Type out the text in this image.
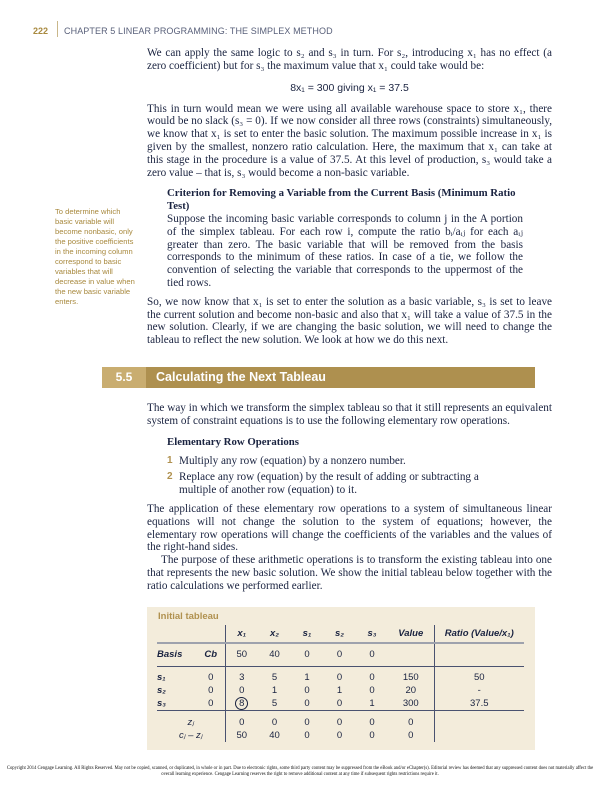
222 CHAPTER 5 LINEAR PROGRAMMING: THE SIMPLEX METHOD
To determine which basic variable will become nonbasic, only the positive coefficients in the incoming column correspond to basic variables that will decrease in value when the new basic variable enters.
We can apply the same logic to s₂ and s₃ in turn. For s₂, introducing x₁ has no effect (a zero coefficient) but for s₃ the maximum value that x₁ could take would be:
8x₁ = 300 giving x₁ = 37.5
This in turn would mean we were using all available warehouse space to store x₁, there would be no slack (s₃ = 0). If we now consider all three rows (constraints) simultaneously, we know that x₁ is set to enter the basic solution. The maximum possible increase in x₁ is given by the smallest, nonzero ratio calculation. Here, the maximum that x₁ can take at this stage in the procedure is a value of 37.5. At this level of production, s₃ would take a zero value – that is, s₃ would become a non-basic variable.
Criterion for Removing a Variable from the Current Basis (Minimum Ratio Test)
Suppose the incoming basic variable corresponds to column j in the A portion of the simplex tableau. For each row i, compute the ratio bᵢ/aᵢⱼ for each aᵢⱼ greater than zero. The basic variable that will be removed from the basis corresponds to the minimum of these ratios. In case of a tie, we follow the convention of selecting the variable that corresponds to the uppermost of the tied rows.
So, we now know that x₁ is set to enter the solution as a basic variable, s₃ is set to leave the current solution and become non-basic and also that x₁ will take a value of 37.5 in the new solution. Clearly, if we are changing the basic solution, we will need to change the tableau to reflect the new solution. We look at how we do this next.
5.5	Calculating the Next Tableau
The way in which we transform the simplex tableau so that it still represents an equivalent system of constraint equations is to use the following elementary row operations.
Elementary Row Operations
1 Multiply any row (equation) by a nonzero number.
2 Replace any row (equation) by the result of adding or subtracting a multiple of another row (equation) to it.
The application of these elementary row operations to a system of simultaneous linear equations will not change the solution to the system of equations; however, the elementary row operations will change the coefficients of the variables and the values of the right-hand sides.
The purpose of these arithmetic operations is to transform the existing tableau into one that represents the new basic solution. We show the initial tableau below together with the ratio calculations we performed earlier.
Initial tableau
		x₁	x₂	s₁	s₂	s₃	Value	Ratio (Value/x₁)
Basis	Cb	50	40	0	0	0		

s₁	0	3	5	1	0	0	150	50
s₂	0	0	1	0	1	0	20	-
s₃	0	8	5	0	0	1	300	37.5

zⱼ		0	0	0	0	0	0	
cⱼ – zⱼ		50	40	0	0	0	0	
Copyright 2014 Cengage Learning. All Rights Reserved. May not be copied, scanned, or duplicated, in whole or in part. Due to electronic rights, some third party content may be suppressed from the eBook and/or eChapter(s). Editorial review has deemed that any suppressed content does not materially affect the overall learning experience. Cengage Learning reserves the right to remove additional content at any time if subsequent rights restrictions require it.
